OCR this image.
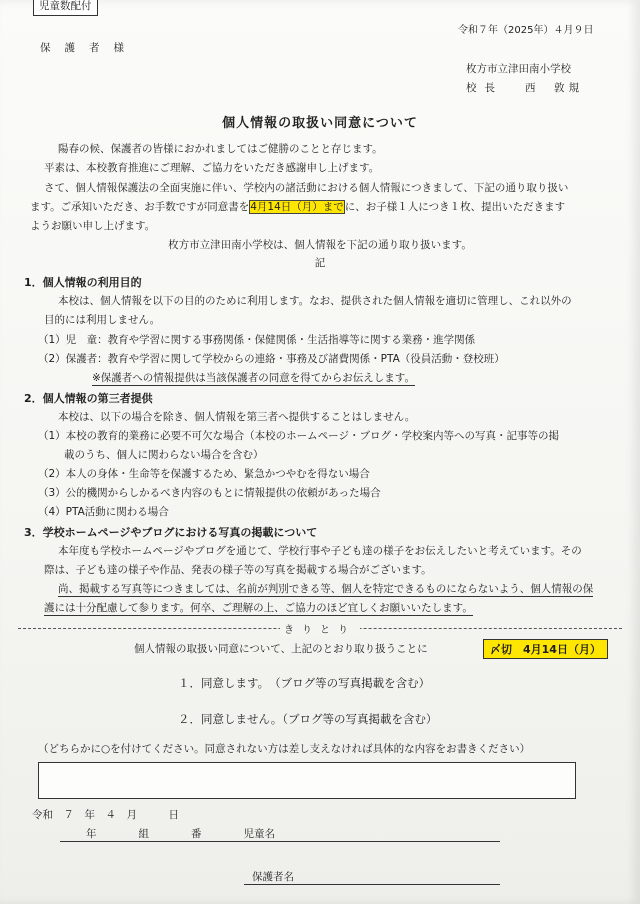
児童数配付
令和７年（2025年）４月９日
保護者様
枚方市立津田南小学校
校長 西　敦規
個人情報の取扱い同意について
陽春の候、保護者の皆様におかれましてはご健勝のことと存じます。
平素は、本校教育推進にご理解、ご協力をいただき感謝申し上げます。
さて、個人情報保護法の全面実施に伴い、学校内の諸活動における個人情報につきまして、下記の通り取り扱い
ます。ご承知いただき、お手数ですが同意書を4月14日（月）までに、お子様１人につき１枚、提出いただきます
ようお願い申し上げます。
枚方市立津田南小学校は、個人情報を下記の通り取り扱います。
記
1．個人情報の利用目的
本校は、個人情報を以下の目的のために利用します。なお、提供された個人情報を適切に管理し、これ以外の
目的には利用しません。
（1）児　童：教育や学習に関する事務関係・保健関係・生活指導等に関する業務・進学関係
（2）保護者：教育や学習に関して学校からの連絡・事務及び諸費関係・PTA（役員活動・登校班）
※保護者への情報提供は当該保護者の同意を得てからお伝えします。
2．個人情報の第三者提供
本校は、以下の場合を除き、個人情報を第三者へ提供することはしません。
（1）本校の教育的業務に必要不可欠な場合（本校のホームページ・ブログ・学校案内等への写真・記事等の掲
載のうち、個人に関わらない場合を含む）
（2）本人の身体・生命等を保護するため、緊急かつやむを得ない場合
（3）公的機関からしかるべき内容のもとに情報提供の依頼があった場合
（4）PTA活動に関わる場合
3．学校ホームページやブログにおける写真の掲載について
本年度も学校ホームページやブログを通じて、学校行事や子ども達の様子をお伝えしたいと考えています。その
際は、子ども達の様子や作品、発表の様子等の写真を掲載する場合がございます。
尚、掲載する写真等につきましては、名前が判別できる等、個人を特定できるものにならないよう、個人情報の保
護には十分配慮して参ります。何卒、ご理解の上、ご協力のほど宜しくお願いいたします。
きりとり
個人情報の取扱い同意について、上記のとおり取り扱うことに	〆切　4月14日（月）
１．同意します。　（ブログ等の写真掲載を含む）
２．同意しません。（ブログ等の写真掲載を含む）
（どちらかに○を付けてください。同意されない方は差し支えなければ具体的な内容をお書きください）
令和　７　年　４　月　　　日
年　　　　組　　　　番　　　　児童名
保護者名
